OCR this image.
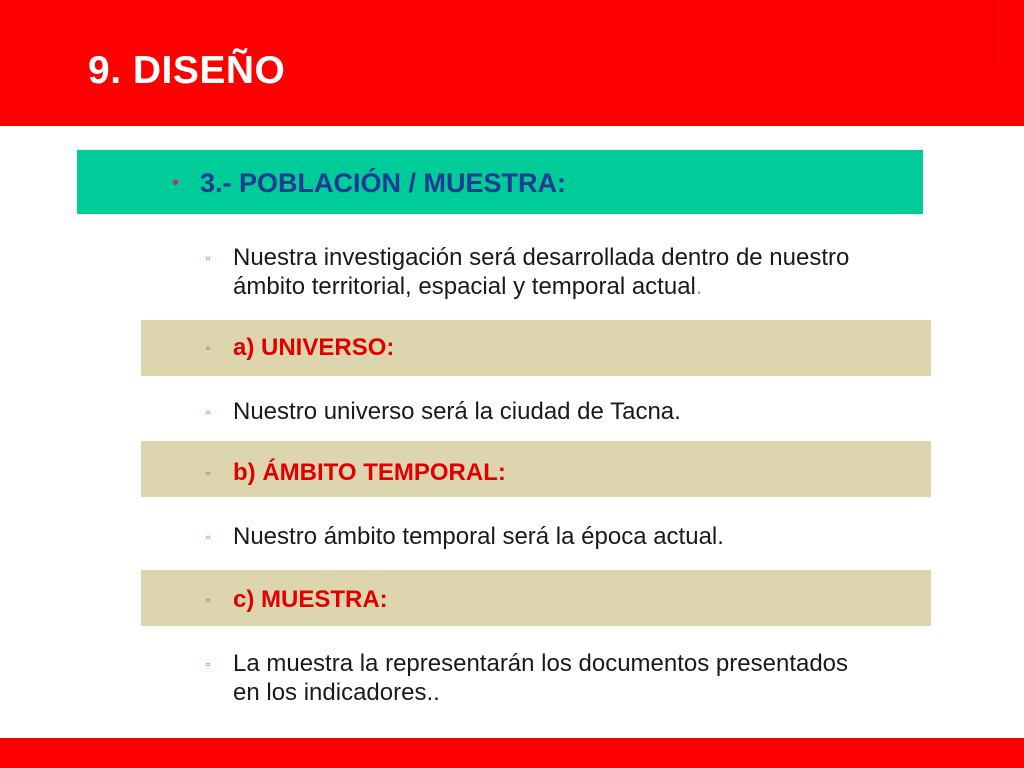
9. DISEÑO
• 3.- POBLACIÓN / MUESTRA:
▫ Nuestra investigación será desarrollada dentro de nuestro
ámbito territorial, espacial y temporal actual.
▫ a) UNIVERSO:
▫ Nuestro universo será la ciudad de Tacna.
▫ b) ÁMBITO TEMPORAL:
▫ Nuestro ámbito temporal será la época actual.
▫ c) MUESTRA:
▫ La muestra la representarán los documentos presentados
en los indicadores..
